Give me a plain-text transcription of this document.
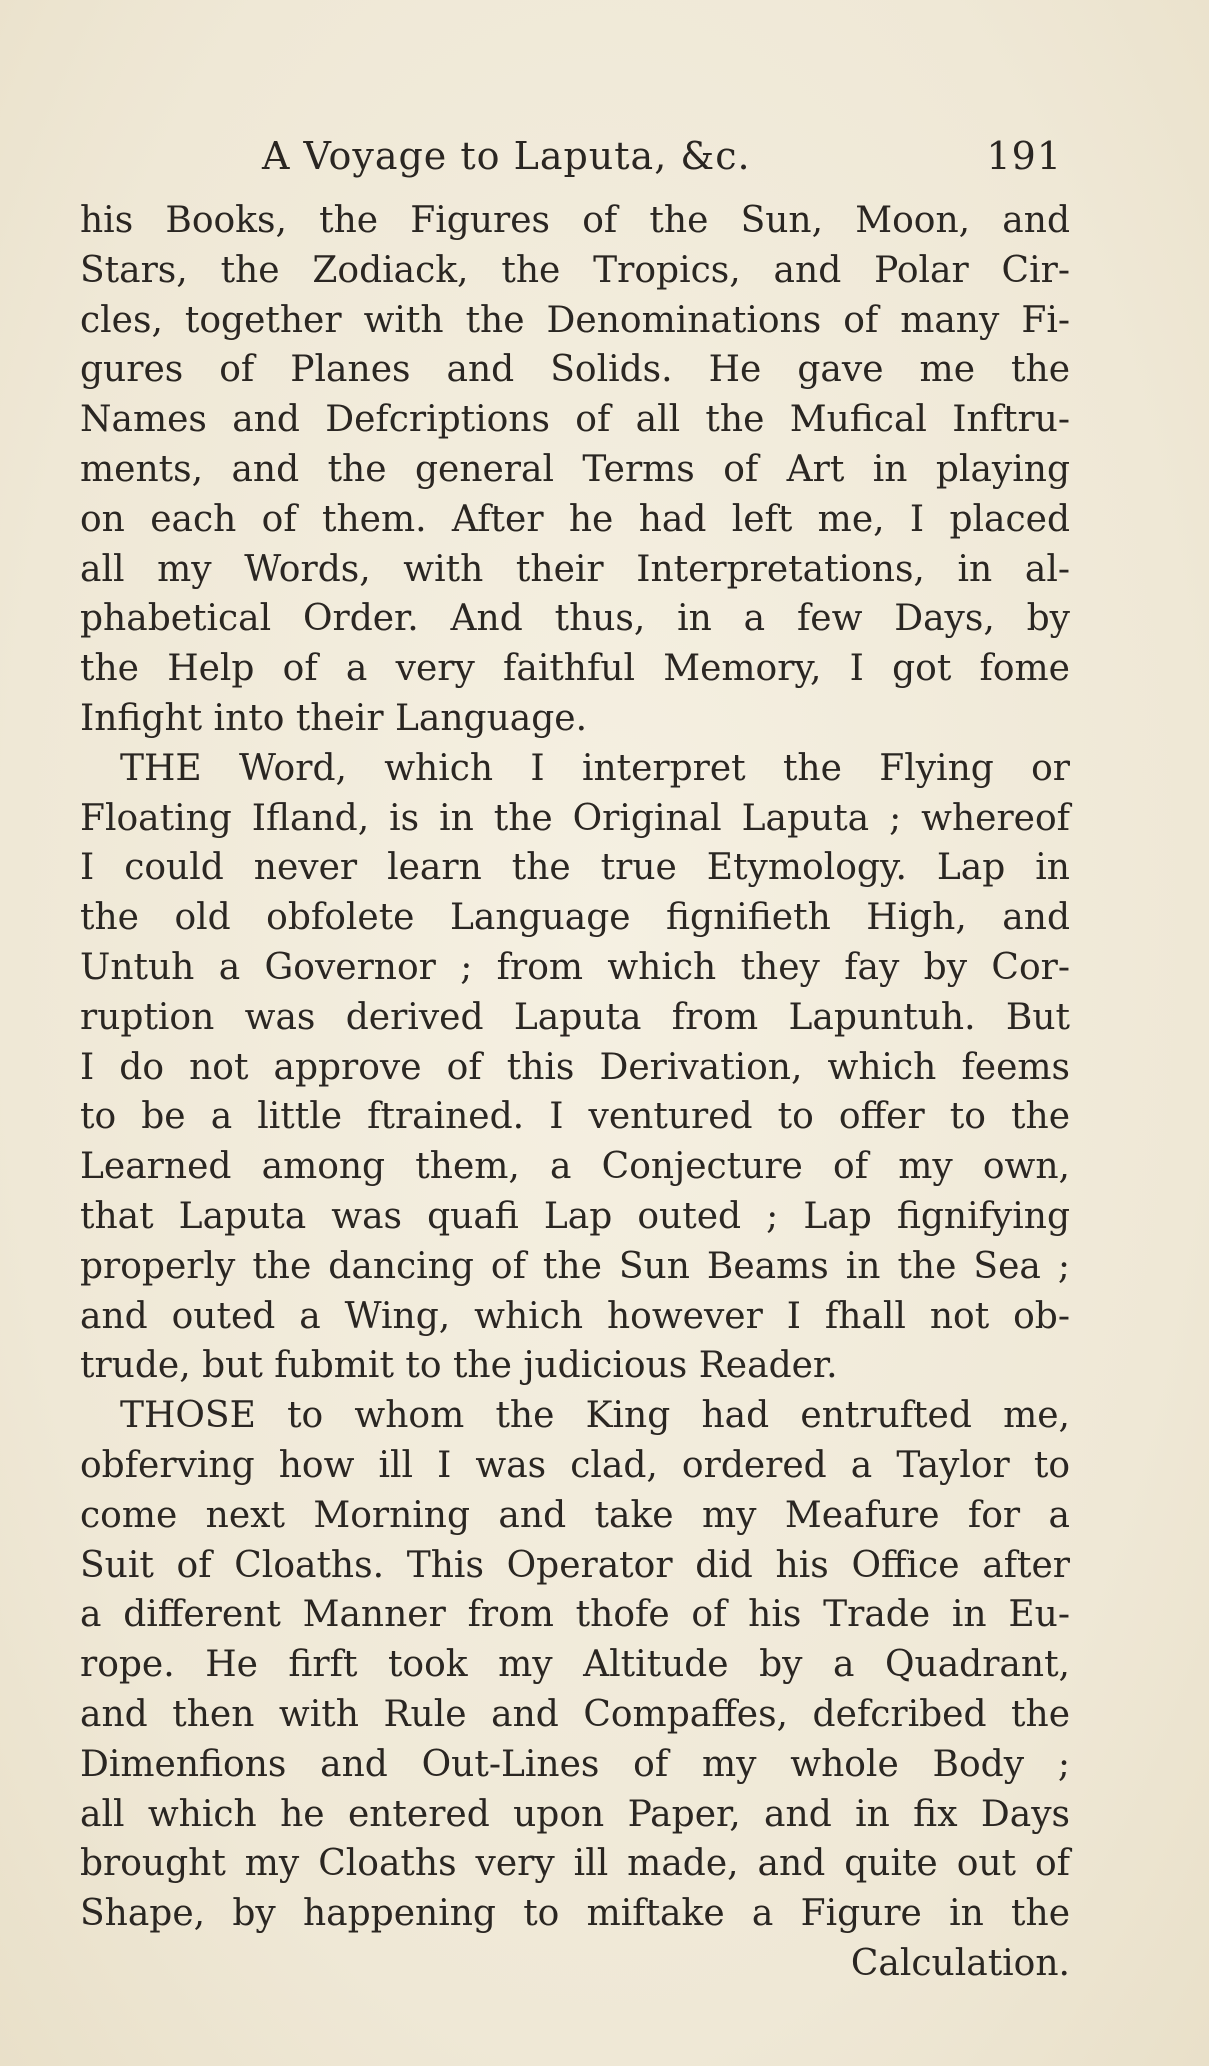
A Voyage to Laputa, &c.	191
his Books, the Figures of the Sun, Moon, and
Stars, the Zodiack, the Tropics, and Polar Cir-
cles, together with the Denominations of many Fi-
gures of Planes and Solids. He gave me the
Names and Defcriptions of all the Mufical Inftru-
ments, and the general Terms of Art in playing
on each of them. After he had left me, I placed
all my Words, with their Interpretations, in al-
phabetical Order. And thus, in a few Days, by
the Help of a very faithful Memory, I got fome
Infight into their Language.
THE Word, which I interpret the Flying or
Floating Ifland, is in the Original Laputa ; whereof
I could never learn the true Etymology. Lap in
the old obfolete Language fignifieth High, and
Untuh a Governor ; from which they fay by Cor-
ruption was derived Laputa from Lapuntuh. But
I do not approve of this Derivation, which feems
to be a little ftrained. I ventured to offer to the
Learned among them, a Conjecture of my own,
that Laputa was quafi Lap outed ; Lap fignifying
properly the dancing of the Sun Beams in the Sea ;
and outed a Wing, which however I fhall not ob-
trude, but fubmit to the judicious Reader.
THOSE to whom the King had entrufted me,
obferving how ill I was clad, ordered a Taylor to
come next Morning and take my Meafure for a
Suit of Cloaths. This Operator did his Office after
a different Manner from thofe of his Trade in Eu-
rope. He firft took my Altitude by a Quadrant,
and then with Rule and Compaffes, defcribed the
Dimenfions and Out-Lines of my whole Body ;
all which he entered upon Paper, and in fix Days
brought my Cloaths very ill made, and quite out of
Shape, by happening to miftake a Figure in the
Calculation.
